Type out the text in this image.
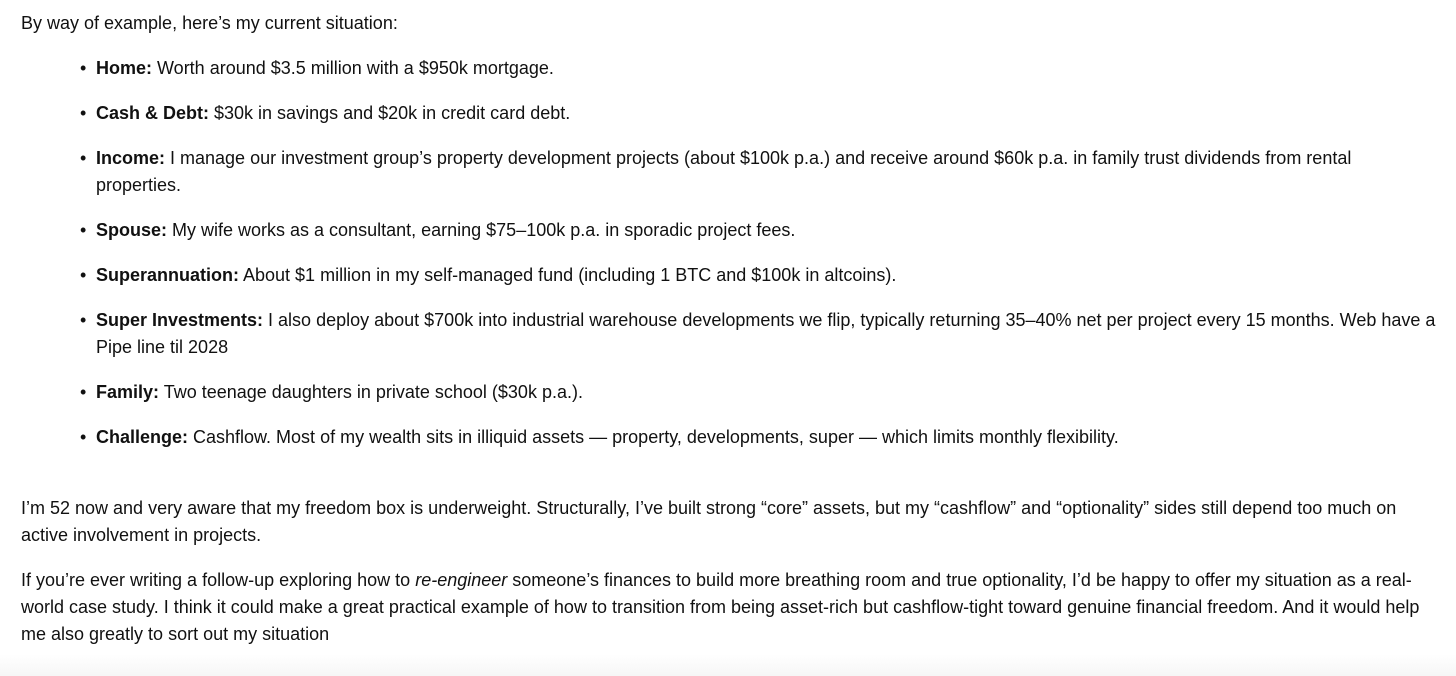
By way of example, here’s my current situation:

• Home: Worth around $3.5 million with a $950k mortgage.
• Cash & Debt: $30k in savings and $20k in credit card debt.
• Income: I manage our investment group’s property development projects (about $100k p.a.) and receive around $60k p.a. in family trust dividends from rental properties.
• Spouse: My wife works as a consultant, earning $75–100k p.a. in sporadic project fees.
• Superannuation: About $1 million in my self-managed fund (including 1 BTC and $100k in altcoins).
• Super Investments: I also deploy about $700k into industrial warehouse developments we flip, typically returning 35–40% net per project every 15 months. Web have a Pipe line til 2028
• Family: Two teenage daughters in private school ($30k p.a.).
• Challenge: Cashflow. Most of my wealth sits in illiquid assets — property, developments, super — which limits monthly flexibility.

I’m 52 now and very aware that my freedom box is underweight. Structurally, I’ve built strong “core” assets, but my “cashflow” and “optionality” sides still depend too much on active involvement in projects.

If you’re ever writing a follow-up exploring how to re-engineer someone’s finances to build more breathing room and true optionality, I’d be happy to offer my situation as a real-world case study. I think it could make a great practical example of how to transition from being asset-rich but cashflow-tight toward genuine financial freedom. And it would help me also greatly to sort out my situation
